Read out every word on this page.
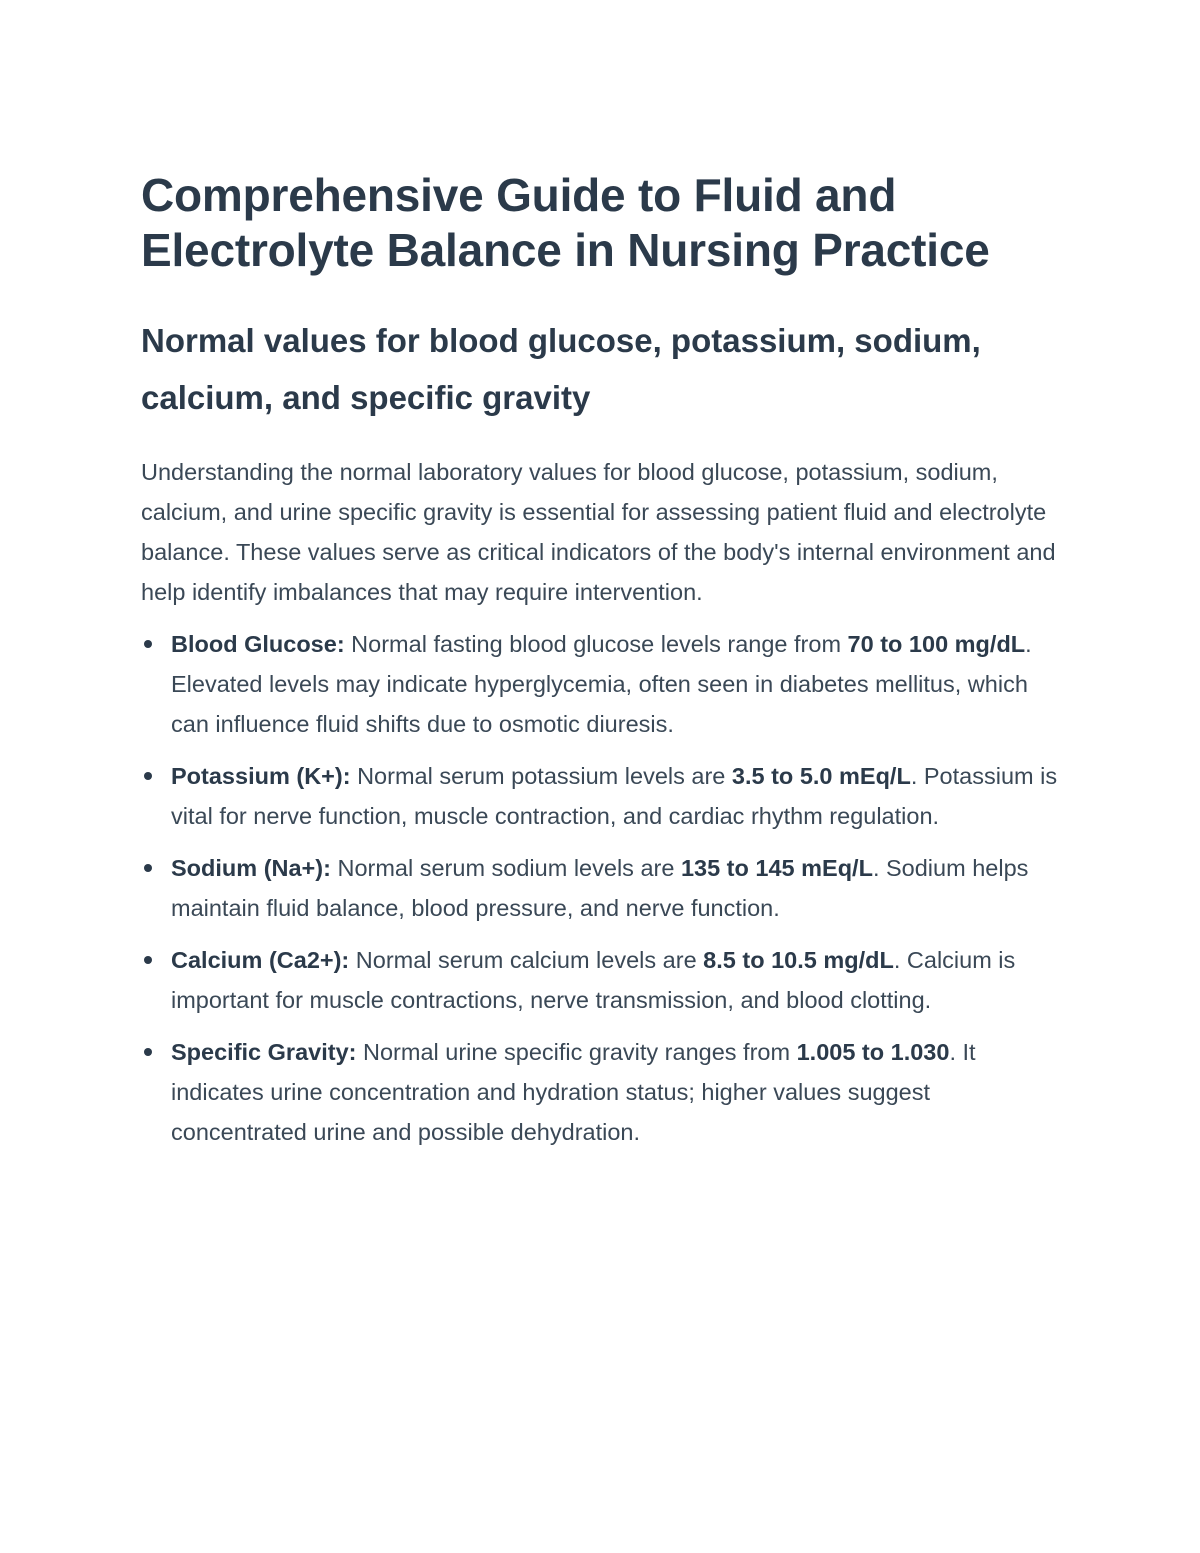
Comprehensive Guide to Fluid and Electrolyte Balance in Nursing Practice
Normal values for blood glucose, potassium, sodium, calcium, and specific gravity

Understanding the normal laboratory values for blood glucose, potassium, sodium, calcium, and urine specific gravity is essential for assessing patient fluid and electrolyte balance. These values serve as critical indicators of the body's internal environment and help identify imbalances that may require intervention.

Blood Glucose: Normal fasting blood glucose levels range from 70 to 100 mg/dL. Elevated levels may indicate hyperglycemia, often seen in diabetes mellitus, which can influence fluid shifts due to osmotic diuresis.
Potassium (K+): Normal serum potassium levels are 3.5 to 5.0 mEq/L. Potassium is vital for nerve function, muscle contraction, and cardiac rhythm regulation.
Sodium (Na+): Normal serum sodium levels are 135 to 145 mEq/L. Sodium helps maintain fluid balance, blood pressure, and nerve function.
Calcium (Ca2+): Normal serum calcium levels are 8.5 to 10.5 mg/dL. Calcium is important for muscle contractions, nerve transmission, and blood clotting.
Specific Gravity: Normal urine specific gravity ranges from 1.005 to 1.030. It indicates urine concentration and hydration status; higher values suggest concentrated urine and possible dehydration.
